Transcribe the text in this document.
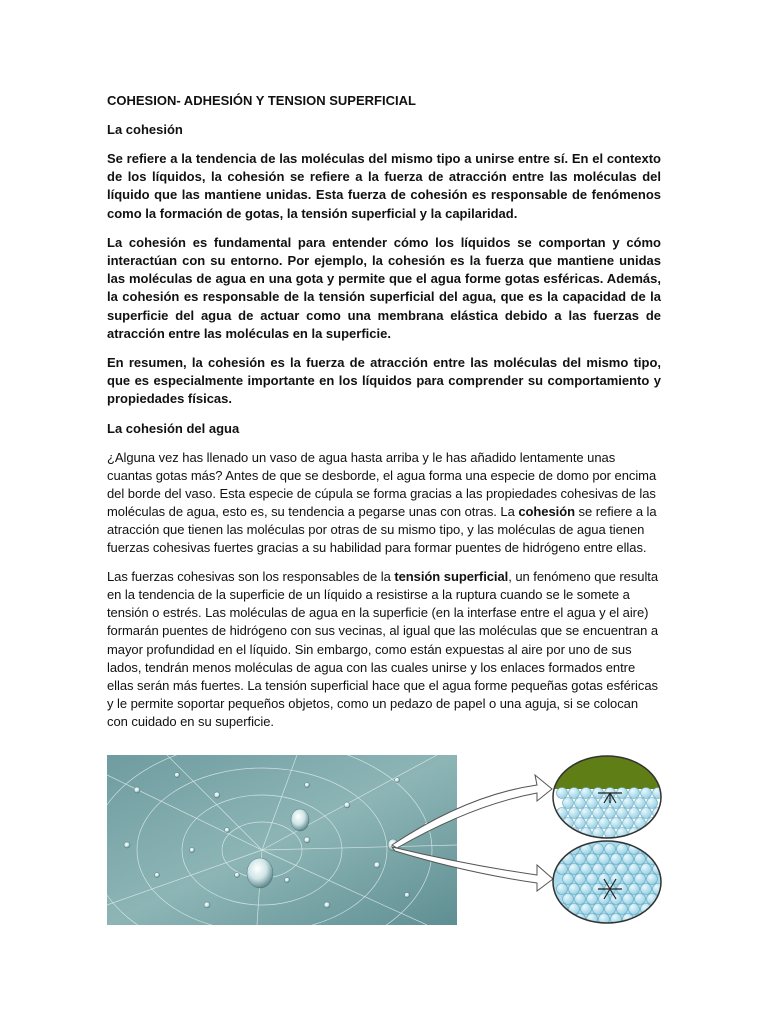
COHESION- ADHESIÓN Y TENSION SUPERFICIAL
La cohesión

Se refiere a la tendencia de las moléculas del mismo tipo a unirse entre sí. En el contexto de los líquidos, la cohesión se refiere a la fuerza de atracción entre las moléculas del líquido que las mantiene unidas. Esta fuerza de cohesión es responsable de fenómenos como la formación de gotas, la tensión superficial y la capilaridad.

La cohesión es fundamental para entender cómo los líquidos se comportan y cómo interactúan con su entorno. Por ejemplo, la cohesión es la fuerza que mantiene unidas las moléculas de agua en una gota y permite que el agua forme gotas esféricas. Además, la cohesión es responsable de la tensión superficial del agua, que es la capacidad de la superficie del agua de actuar como una membrana elástica debido a las fuerzas de atracción entre las moléculas en la superficie.

En resumen, la cohesión es la fuerza de atracción entre las moléculas del mismo tipo, que es especialmente importante en los líquidos para comprender su comportamiento y propiedades físicas.

La cohesión del agua

¿Alguna vez has llenado un vaso de agua hasta arriba y le has añadido lentamente unas cuantas gotas más? Antes de que se desborde, el agua forma una especie de domo por encima del borde del vaso. Esta especie de cúpula se forma gracias a las propiedades cohesivas de las moléculas de agua, esto es, su tendencia a pegarse unas con otras. La cohesión se refiere a la atracción que tienen las moléculas por otras de su mismo tipo, y las moléculas de agua tienen fuerzas cohesivas fuertes gracias a su habilidad para formar puentes de hidrógeno entre ellas.

Las fuerzas cohesivas son los responsables de la tensión superficial, un fenómeno que resulta en la tendencia de la superficie de un líquido a resistirse a la ruptura cuando se le somete a tensión o estrés. Las moléculas de agua en la superficie (en la interfase entre el agua y el aire) formarán puentes de hidrógeno con sus vecinas, al igual que las moléculas que se encuentran a mayor profundidad en el líquido. Sin embargo, como están expuestas al aire por uno de sus lados, tendrán menos moléculas de agua con las cuales unirse y los enlaces formados entre ellas serán más fuertes. La tensión superficial hace que el agua forme pequeñas gotas esféricas y le permite soportar pequeños objetos, como un pedazo de papel o una aguja, si se colocan con cuidado en su superficie.
